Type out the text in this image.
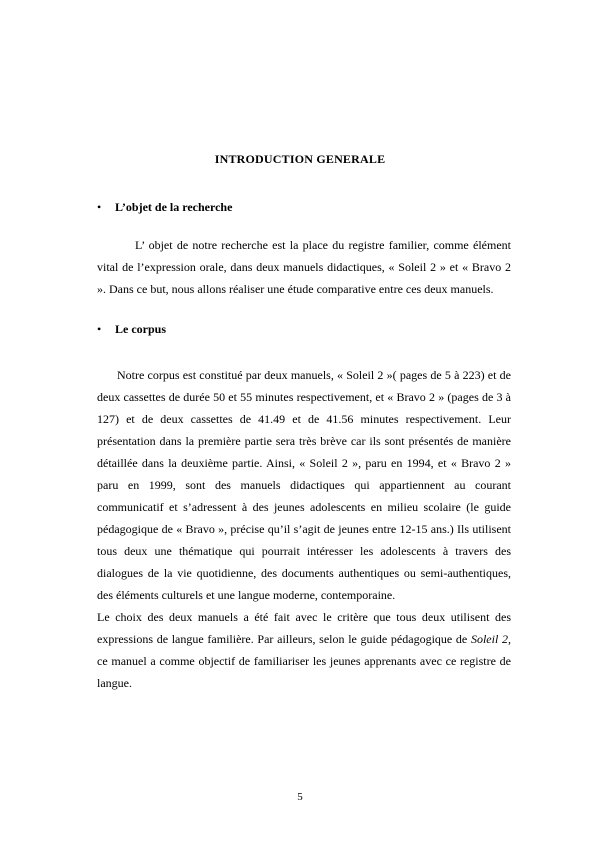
INTRODUCTION GENERALE
• L’objet de la recherche

L’ objet de notre recherche est la place du registre familier, comme élément vital de l’expression orale, dans deux manuels didactiques, « Soleil 2 » et « Bravo 2 ». Dans ce but, nous allons réaliser une étude comparative entre ces deux manuels.

• Le corpus

Notre corpus est constitué par deux manuels, « Soleil 2 »( pages de 5 à 223) et de deux cassettes de durée 50 et 55 minutes respectivement, et « Bravo 2 » (pages de 3 à 127) et de deux cassettes de 41.49 et de 41.56 minutes respectivement. Leur présentation dans la première partie sera très brève car ils sont présentés de manière détaillée dans la deuxième partie. Ainsi, « Soleil 2 », paru en 1994, et « Bravo 2 » paru en 1999, sont des manuels didactiques qui appartiennent au courant communicatif et s’adressent à des jeunes adolescents en milieu scolaire (le guide pédagogique de « Bravo », précise qu’il s’agit de jeunes entre 12-15 ans.) Ils utilisent tous deux une thématique qui pourrait intéresser les adolescents à travers des dialogues de la vie quotidienne, des documents authentiques ou semi-authentiques, des éléments culturels et une langue moderne, contemporaine.

Le choix des deux manuels a été fait avec le critère que tous deux utilisent des expressions de langue familière. Par ailleurs, selon le guide pédagogique de Soleil 2, ce manuel a comme objectif de familiariser les jeunes apprenants avec ce registre de langue.

5
